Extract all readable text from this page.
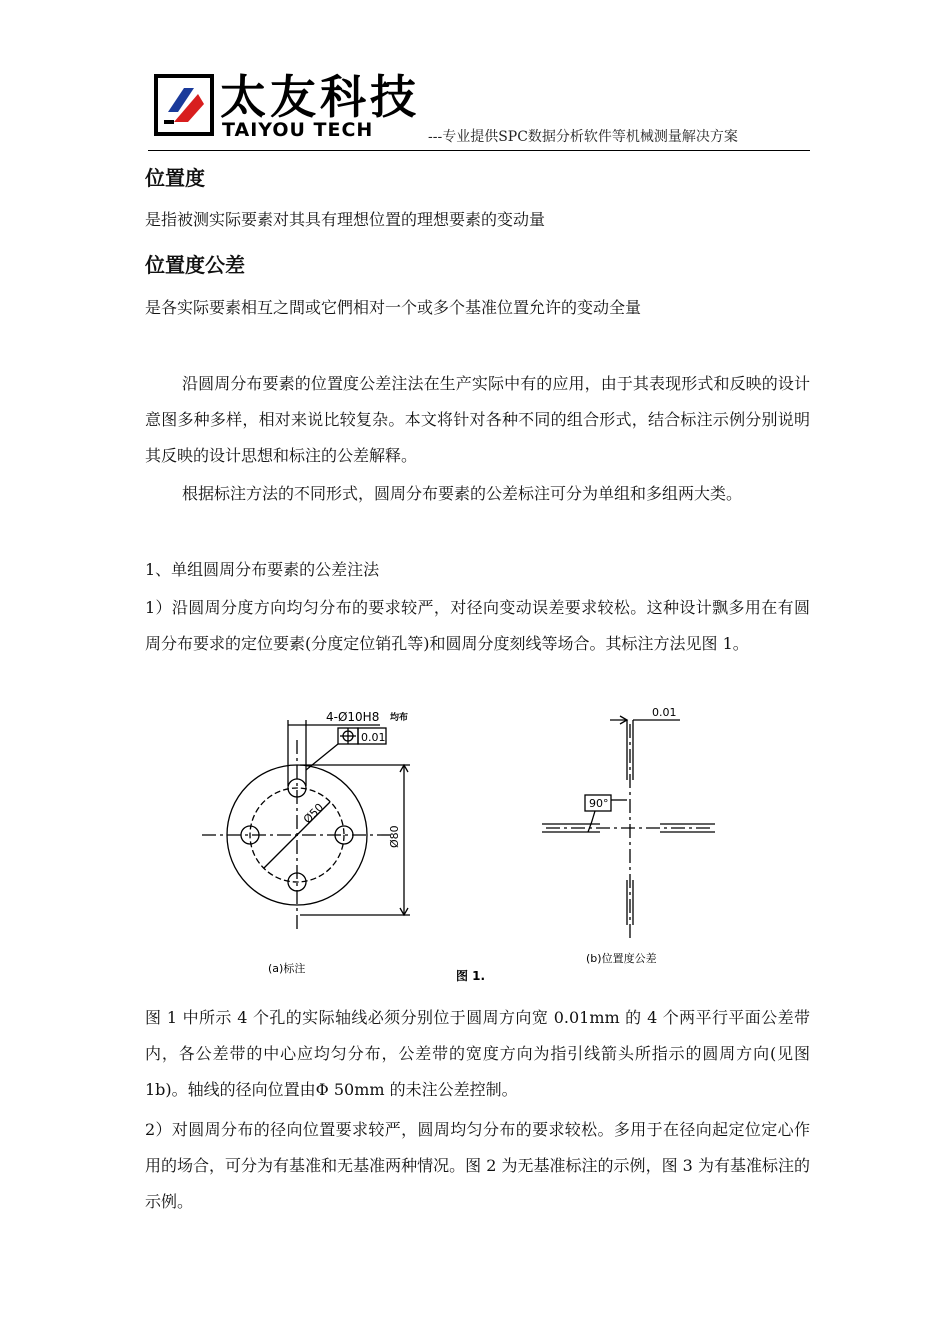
太友科技
TAIYOU TECH	---专业提供SPC数据分析软件等机械测量解决方案
位置度

是指被测实际要素对其具有理想位置的理想要素的变动量

位置度公差

是各实际要素相互之間或它們相对一个或多个基准位置允许的变动全量

沿圆周分布要素的位置度公差注法在生产实际中有的应用，由于其表现形式和反映的设计意图多种多样，相对来说比较复杂。本文将针对各种不同的组合形式，结合标注示例分别说明其反映的设计思想和标注的公差解释。

根据标注方法的不同形式，圆周分布要素的公差标注可分为单组和多组两大类。

1、单组圆周分布要素的公差注法

1）沿圆周分度方向均匀分布的要求较严，对径向变动误差要求较松。这种设计飘多用在有圆周分布要求的定位要素(分度定位销孔等)和圆周分度刻线等场合。其标注方法见图 1。

4-Ø10H8 均布
0.01
Ø50
Ø80
0.01
90°
(a)标注
图 1.
(b)位置度公差

图 1 中所示 4 个孔的实际轴线必须分别位于圆周方向宽 0.01mm 的 4 个两平行平面公差带内，各公差带的中心应均匀分布，公差带的宽度方向为指引线箭头所指示的圆周方向(见图 1b)。轴线的径向位置由Φ 50mm 的未注公差控制。

2）对圆周分布的径向位置要求较严，圆周均匀分布的要求较松。多用于在径向起定位定心作用的场合，可分为有基准和无基准两种情况。图 2 为无基准标注的示例，图 3 为有基准标注的示例。
